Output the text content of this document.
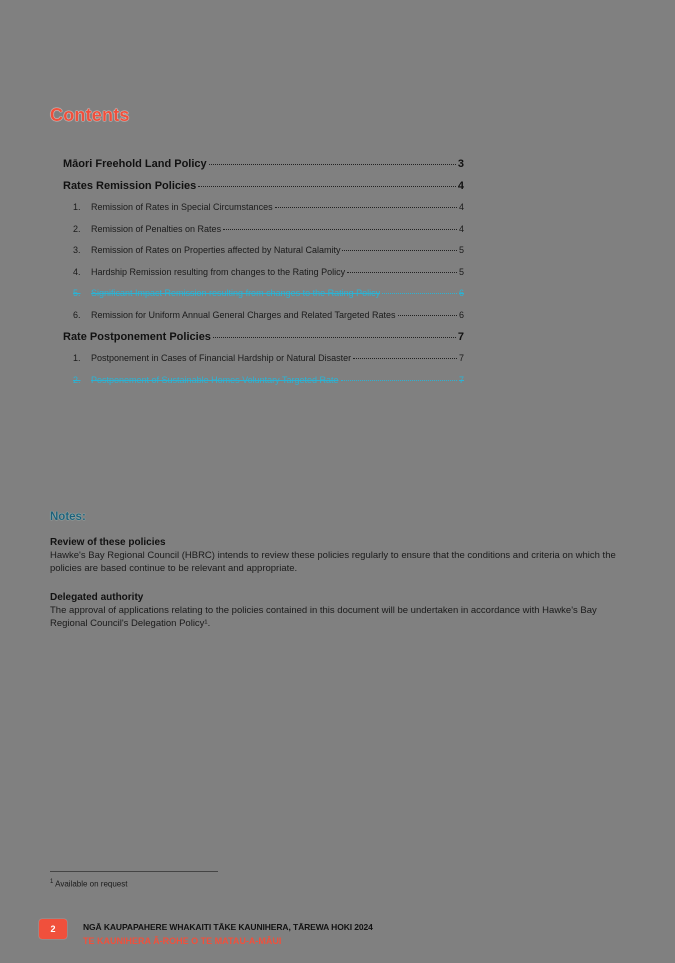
Contents
Māori Freehold Land Policy	3
Rates Remission Policies	4
1.	Remission of Rates in Special Circumstances	4
2.	Remission of Penalties on Rates	4
3.	Remission of Rates on Properties affected by Natural Calamity	5
4.	Hardship Remission resulting from changes to the Rating Policy	5
5.	Significant Impact Remission resulting from changes to the Rating Policy	6
6.	Remission for Uniform Annual General Charges and Related Targeted Rates	6
Rate Postponement Policies	7
1.	Postponement in Cases of Financial Hardship or Natural Disaster	7
2.	Postponement of Sustainable Homes Voluntary Targeted Rate	7
Notes:
Review of these policies
Hawke's Bay Regional Council (HBRC) intends to review these policies regularly to ensure that the conditions and criteria on which the policies are based continue to be relevant and appropriate.
Delegated authority
The approval of applications relating to the policies contained in this document will be undertaken in accordance with Hawke's Bay Regional Council's Delegation Policy¹.
$^1$ Available on request
2	NGĀ KAUPAPAHERE WHAKAITI TĀKE KAUNIHERA, TĀREWA HOKI 2024
TE KAUNIHERA Ā-ROHE O TE MATAU-A-MĀUI
